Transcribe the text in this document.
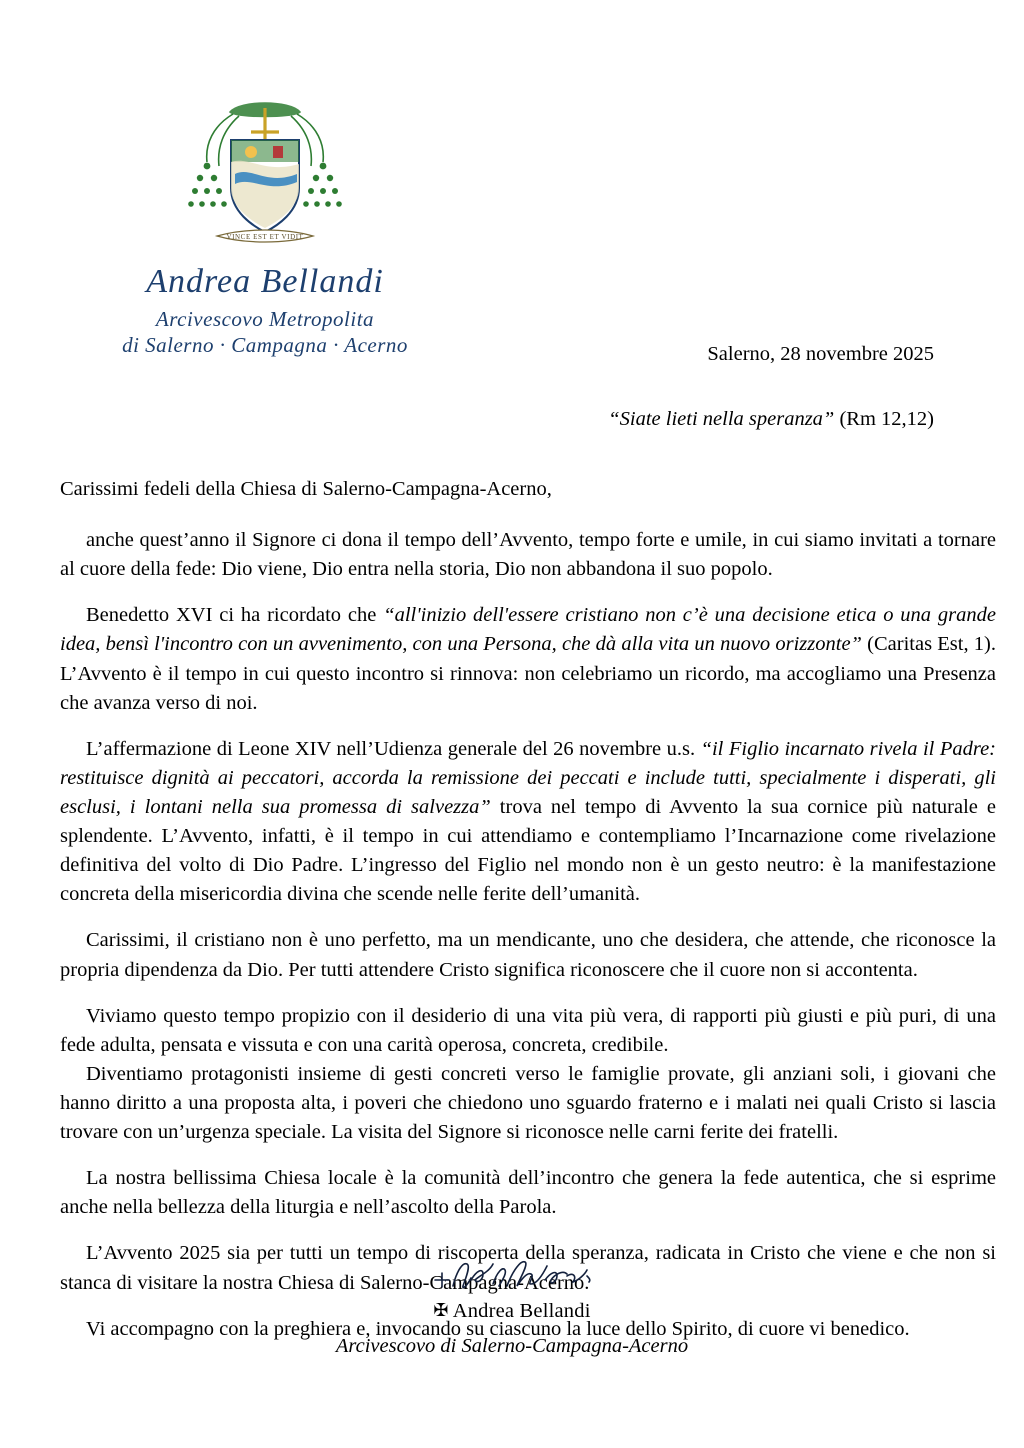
VINCE EST ET VIDIT
Andrea Bellandi
Arcivescovo Metropolita
di Salerno · Campagna · Acerno	Salerno, 28 novembre 2025
“Siate lieti nella speranza” (Rm 12,12)

Carissimi fedeli della Chiesa di Salerno-Campagna-Acerno,

anche quest’anno il Signore ci dona il tempo dell’Avvento, tempo forte e umile, in cui siamo invitati a tornare al cuore della fede: Dio viene, Dio entra nella storia, Dio non abbandona il suo popolo.

Benedetto XVI ci ha ricordato che “all'inizio dell'essere cristiano non c’è una decisione etica o una grande idea, bensì l'incontro con un avvenimento, con una Persona, che dà alla vita un nuovo orizzonte” (Caritas Est, 1). L’Avvento è il tempo in cui questo incontro si rinnova: non celebriamo un ricordo, ma accogliamo una Presenza che avanza verso di noi.

L’affermazione di Leone XIV nell’Udienza generale del 26 novembre u.s. “il Figlio incarnato rivela il Padre: restituisce dignità ai peccatori, accorda la remissione dei peccati e include tutti, specialmente i disperati, gli esclusi, i lontani nella sua promessa di salvezza” trova nel tempo di Avvento la sua cornice più naturale e splendente. L’Avvento, infatti, è il tempo in cui attendiamo e contempliamo l’Incarnazione come rivelazione definitiva del volto di Dio Padre. L’ingresso del Figlio nel mondo non è un gesto neutro: è la manifestazione concreta della misericordia divina che scende nelle ferite dell’umanità.

Carissimi, il cristiano non è uno perfetto, ma un mendicante, uno che desidera, che attende, che riconosce la propria dipendenza da Dio. Per tutti attendere Cristo significa riconoscere che il cuore non si accontenta.

Viviamo questo tempo propizio con il desiderio di una vita più vera, di rapporti più giusti e più puri, di una fede adulta, pensata e vissuta e con una carità operosa, concreta, credibile.

Diventiamo protagonisti insieme di gesti concreti verso le famiglie provate, gli anziani soli, i giovani che hanno diritto a una proposta alta, i poveri che chiedono uno sguardo fraterno e i malati nei quali Cristo si lascia trovare con un’urgenza speciale. La visita del Signore si riconosce nelle carni ferite dei fratelli.

La nostra bellissima Chiesa locale è la comunità dell’incontro che genera la fede autentica, che si esprime anche nella bellezza della liturgia e nell’ascolto della Parola.

L’Avvento 2025 sia per tutti un tempo di riscoperta della speranza, radicata in Cristo che viene e che non si stanca di visitare la nostra Chiesa di Salerno-Campagna-Acerno.

Vi accompagno con la preghiera e, invocando su ciascuno la luce dello Spirito, di cuore vi benedico.

✠ Andrea Bellandi
Arcivescovo di Salerno-Campagna-Acerno
